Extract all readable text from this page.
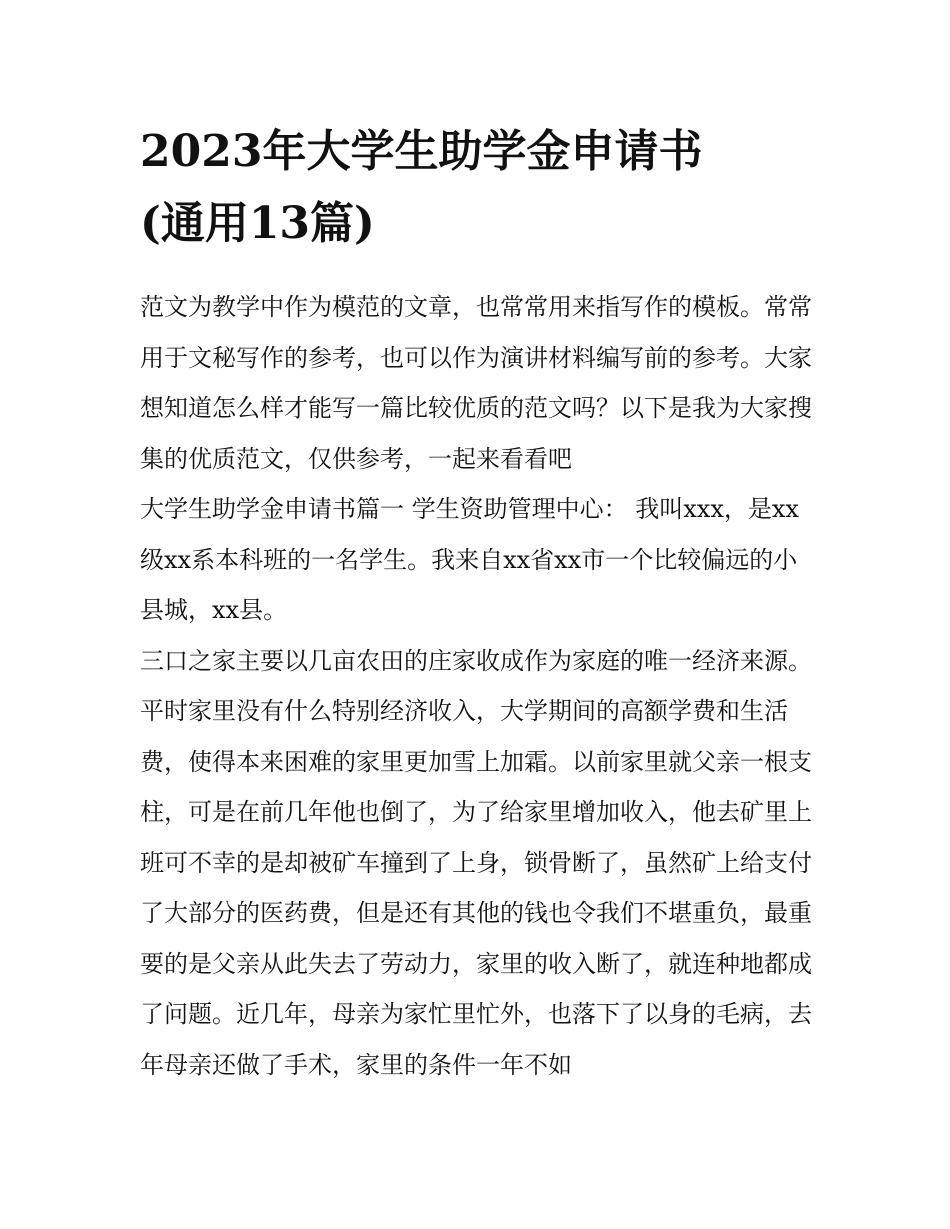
2023年大学生助学金申请书
(通用13篇)

范文为教学中作为模范的文章，也常常用来指写作的模板。常常用于文秘写作的参考，也可以作为演讲材料编写前的参考。大家想知道怎么样才能写一篇比较优质的范文吗？以下是我为大家搜集的优质范文，仅供参考，一起来看看吧

大学生助学金申请书篇一 学生资助管理中心： 我叫xxx，是xx级xx系本科班的一名学生。我来自xx省xx市一个比较偏远的小县城，xx县。

三口之家主要以几亩农田的庄家收成作为家庭的唯一经济来源。平时家里没有什么特别经济收入，大学期间的高额学费和生活费，使得本来困难的家里更加雪上加霜。以前家里就父亲一根支柱，可是在前几年他也倒了，为了给家里增加收入，他去矿里上班可不幸的是却被矿车撞到了上身，锁骨断了，虽然矿上给支付了大部分的医药费，但是还有其他的钱也令我们不堪重负，最重要的是父亲从此失去了劳动力，家里的收入断了，就连种地都成了问题。近几年，母亲为家忙里忙外，也落下了以身的毛病，去年母亲还做了手术，家里的条件一年不如
